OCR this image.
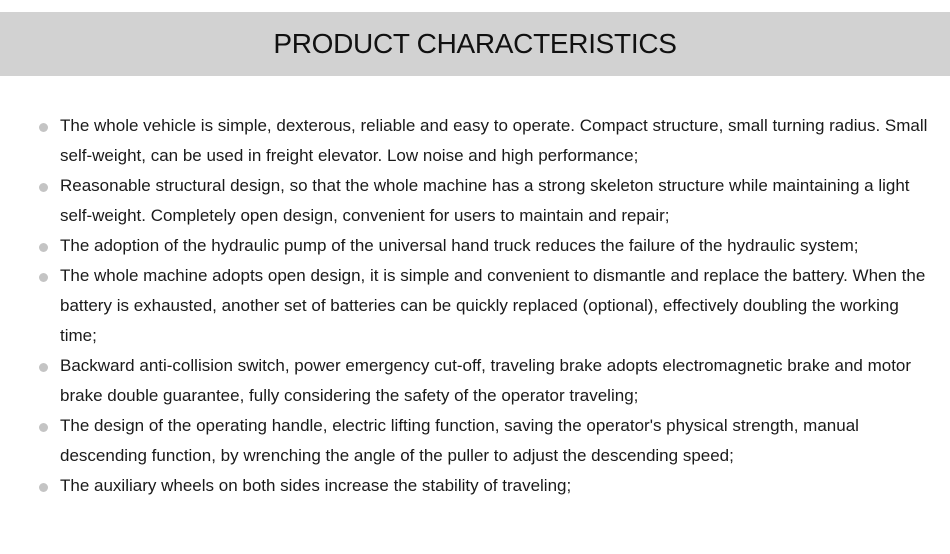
PRODUCT CHARACTERISTICS
The whole vehicle is simple, dexterous, reliable and easy to operate. Compact structure, small turning radius. Small self-weight, can be used in freight elevator. Low noise and high performance;
Reasonable structural design, so that the whole machine has a strong skeleton structure while maintaining a light self-weight. Completely open design, convenient for users to maintain and repair;
The adoption of the hydraulic pump of the universal hand truck reduces the failure of the hydraulic system;
The whole machine adopts open design, it is simple and convenient to dismantle and replace the battery. When the battery is exhausted, another set of batteries can be quickly replaced (optional), effectively doubling the working time;
Backward anti-collision switch, power emergency cut-off, traveling brake adopts electromagnetic brake and motor brake double guarantee, fully considering the safety of the operator traveling;
The design of the operating handle, electric lifting function, saving the operator's physical strength, manual descending function, by wrenching the angle of the puller to adjust the descending speed;
The auxiliary wheels on both sides increase the stability of traveling;
